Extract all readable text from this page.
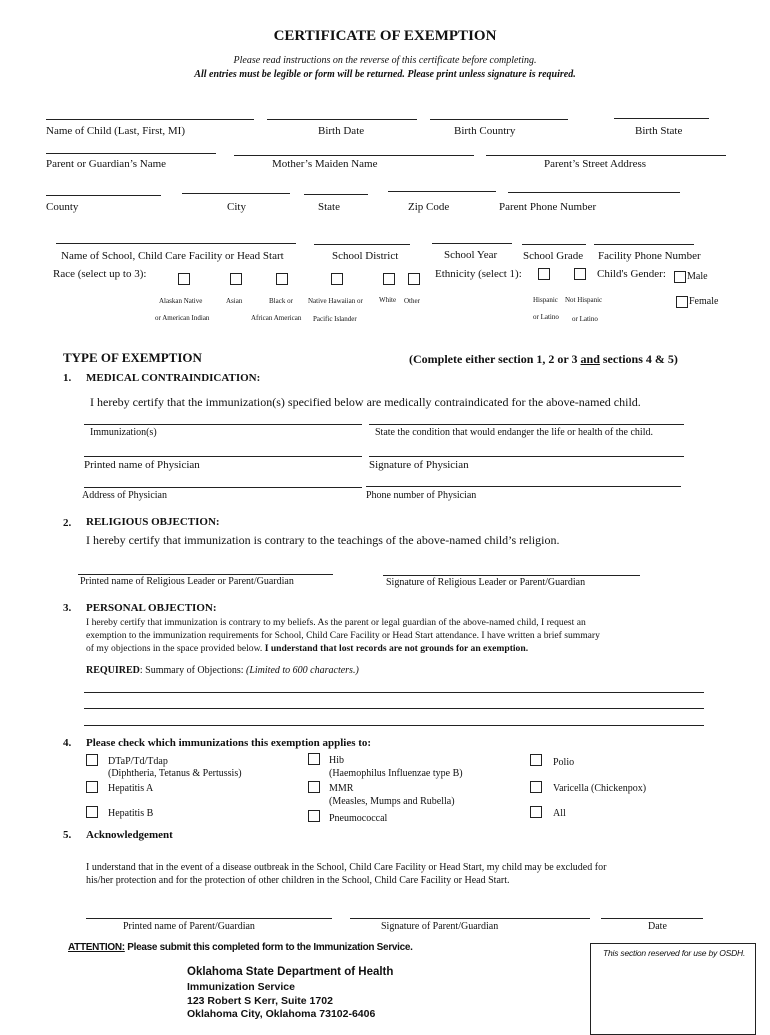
CERTIFICATE OF EXEMPTION
Please read instructions on the reverse of this certificate before completing.
All entries must be legible or form will be returned. Please print unless signature is required.
Name of Child (Last, First, MI)	Birth Date	Birth Country	Birth State
Parent or Guardian’s Name	Mother’s Maiden Name	Parent’s Street Address
County	City	State	Zip Code	Parent Phone Number
Name of School, Child Care Facility or Head Start	School District	School Year School Grade Facility Phone Number
Race (select up to 3):
Alaskan Native
or American Indian
Asian	Black or
African American
Native Hawaiian or
Pacific Islander
White Other
Ethnicity (select 1):
Hispanic
or Latino
Not Hispanic
or Latino
Child's Gender: Male
Female
TYPE OF EXEMPTION	(Complete either section 1, 2 or 3 and sections 4 & 5)
1. MEDICAL CONTRAINDICATION:
I hereby certify that the immunization(s) specified below are medically contraindicated for the above-named child.
Immunization(s)	State the condition that would endanger the life or health of the child.
Printed name of Physician	Signature of Physician
Address of Physician	Phone number of Physician
2. RELIGIOUS OBJECTION:
I hereby certify that immunization is contrary to the teachings of the above-named child’s religion.
Printed name of Religious Leader or Parent/Guardian	Signature of Religious Leader or Parent/Guardian
3. PERSONAL OBJECTION:
I hereby certify that immunization is contrary to my beliefs. As the parent or legal guardian of the above-named child, I request an
exemption to the immunization requirements for School, Child Care Facility or Head Start attendance. I have written a brief summary
of my objections in the space provided below. I understand that lost records are not grounds for an exemption.
REQUIRED: Summary of Objections: (Limited to 600 characters.)
4. Please check which immunizations this exemption applies to:
DTaP/Td/Tdap
(Diphtheria, Tetanus & Pertussis)
Hepatitis A
Hepatitis B
Hib
(Haemophilus Influenzae type B)
MMR
(Measles, Mumps and Rubella)
Pneumococcal
Polio
Varicella (Chickenpox)
All
5. Acknowledgement
I understand that in the event of a disease outbreak in the School, Child Care Facility or Head Start, my child may be excluded for
his/her protection and for the protection of other children in the School, Child Care Facility or Head Start.
Printed name of Parent/Guardian	Signature of Parent/Guardian	Date
ATTENTION: Please submit this completed form to the Immunization Service.	This section reserved for use by OSDH.
Oklahoma State Department of Health
Immunization Service
123 Robert S Kerr, Suite 1702
Oklahoma City, Oklahoma 73102-6406
